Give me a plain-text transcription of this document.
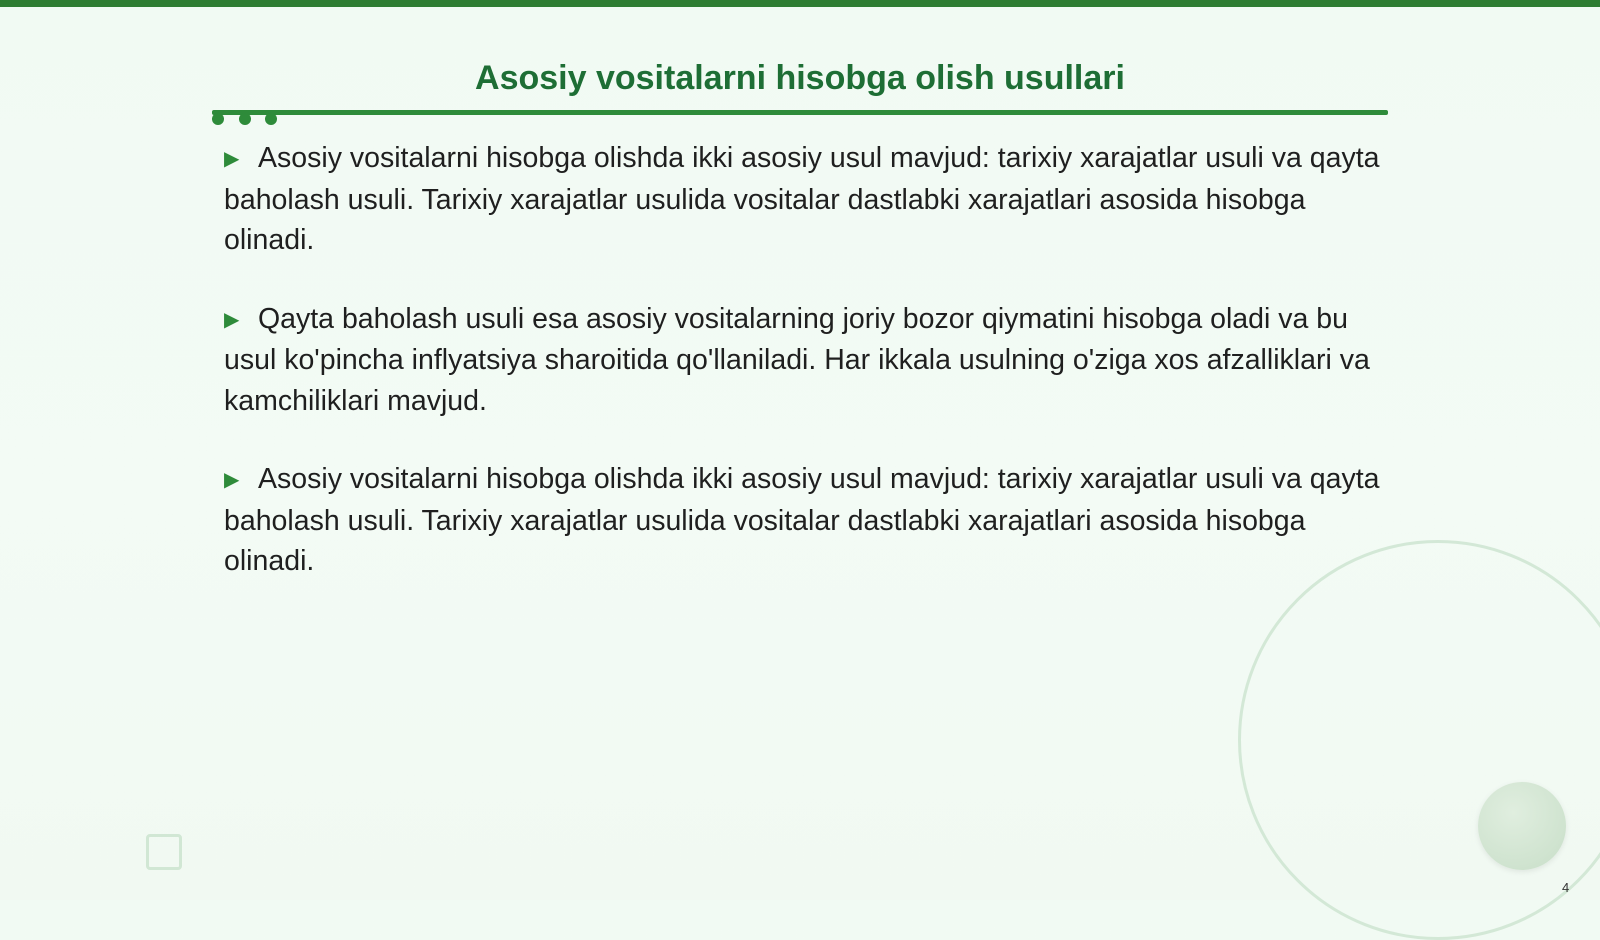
Asosiy vositalarni hisobga olish usullari

▶ Asosiy vositalarni hisobga olishda ikki asosiy usul mavjud: tarixiy xarajatlar usuli va qayta baholash usuli. Tarixiy xarajatlar usulida vositalar dastlabki xarajatlari asosida hisobga olinadi.

▶ Qayta baholash usuli esa asosiy vositalarning joriy bozor qiymatini hisobga oladi va bu usul ko'pincha inflyatsiya sharoitida qo'llaniladi. Har ikkala usulning o'ziga xos afzalliklari va kamchiliklari mavjud.

▶ Asosiy vositalarni hisobga olishda ikki asosiy usul mavjud: tarixiy xarajatlar usuli va qayta baholash usuli. Tarixiy xarajatlar usulida vositalar dastlabki xarajatlari asosida hisobga olinadi.

4
